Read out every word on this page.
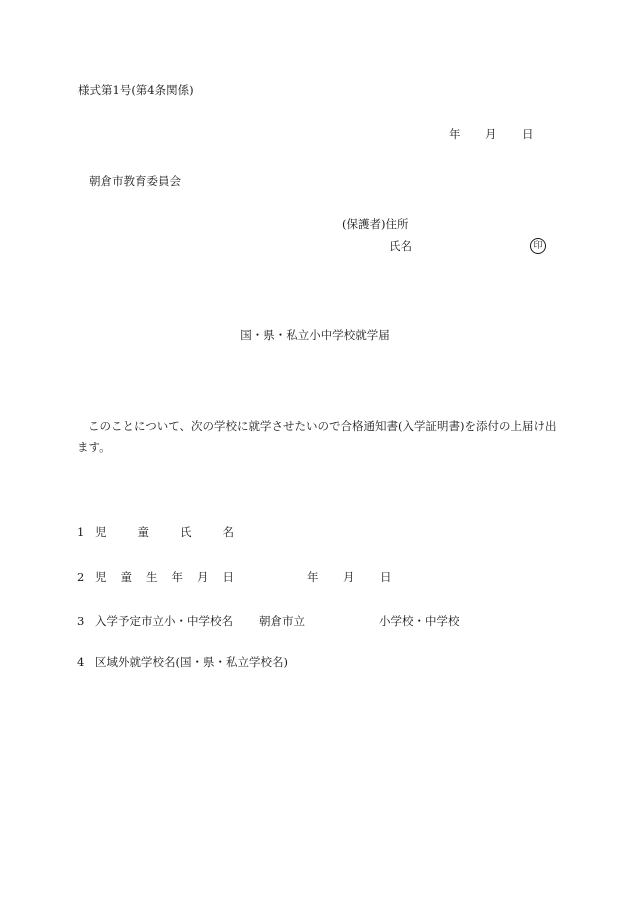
様式第1号(第4条関係)
年 月 日
朝倉市教育委員会
(保護者)住所
氏名	印
国・県・私立小中学校就学届
このことについて、次の学校に就学させたいので合格通知書(入学証明書)を添付の上届け出ます。
1 児童氏名
2 児童生年月日	年 月 日
3 入学予定市立小・中学校名 朝倉市立	小学校・中学校
4 区域外就学校名(国・県・私立学校名)
